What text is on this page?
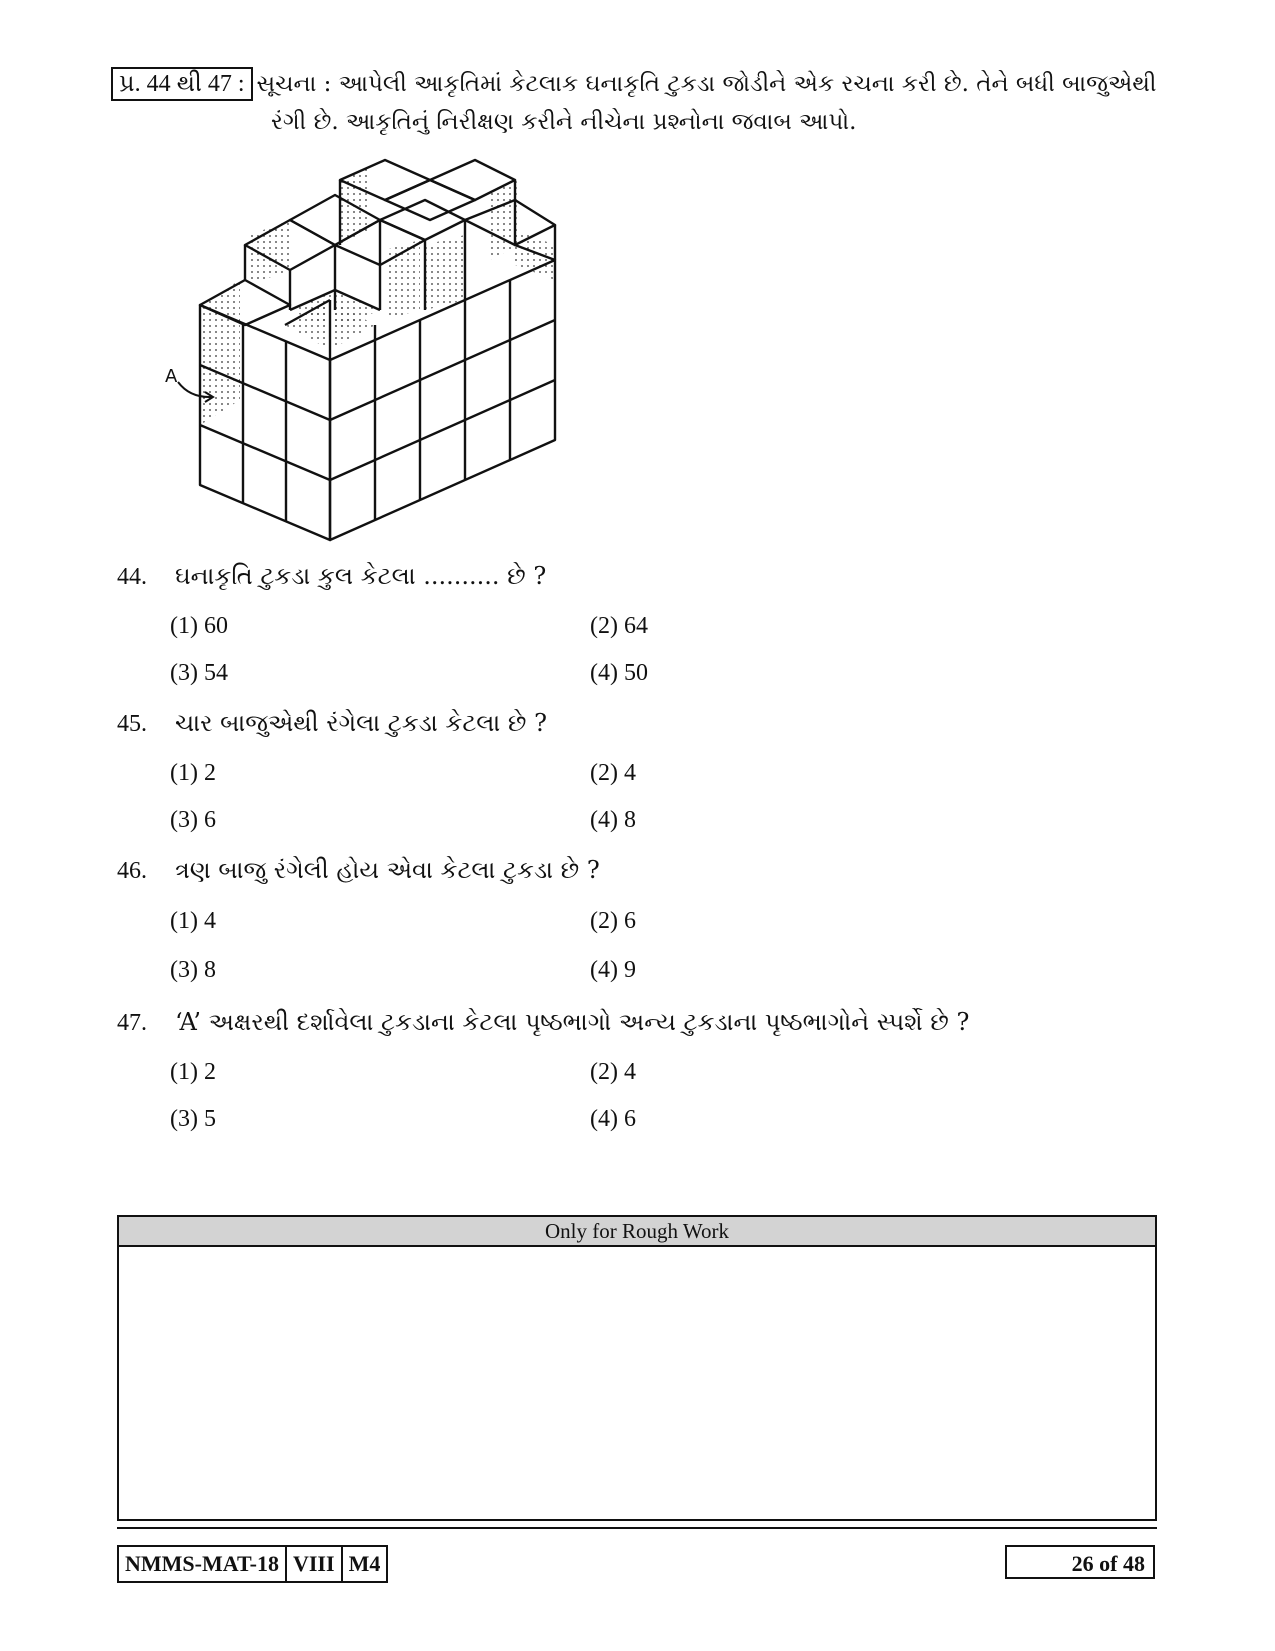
પ્ર. 44 થી 47 : સૂચના : આપેલી આકૃતિમાં કેટલાક ઘનાકૃતિ ટુકડા જોડીને એક રચના કરી છે. તેને બધી બાજુએથી
રંગી છે. આકૃતિનું નિરીક્ષણ કરીને નીચેના પ્રશ્નોના જવાબ આપો.
A
44. ઘનાકૃતિ ટુકડા કુલ કેટલા .......... છે ?
(1) 60	(2) 64
(3) 54	(4) 50
45. ચાર બાજુએથી રંગેલા ટુકડા કેટલા છે ?
(1) 2	(2) 4
(3) 6	(4) 8
46. ત્રણ બાજુ રંગેલી હોય એવા કેટલા ટુકડા છે ?
(1) 4	(2) 6
(3) 8	(4) 9
47. ‘A’ અક્ષરથી દર્શાવેલા ટુકડાના કેટલા પૃષ્ઠભાગો અન્ય ટુકડાના પૃષ્ઠભાગોને સ્પર્શે છે ?
(1) 2	(2) 4
(3) 5	(4) 6
Only for Rough Work
NMMS-MAT-18 VIII M4	26 of 48
